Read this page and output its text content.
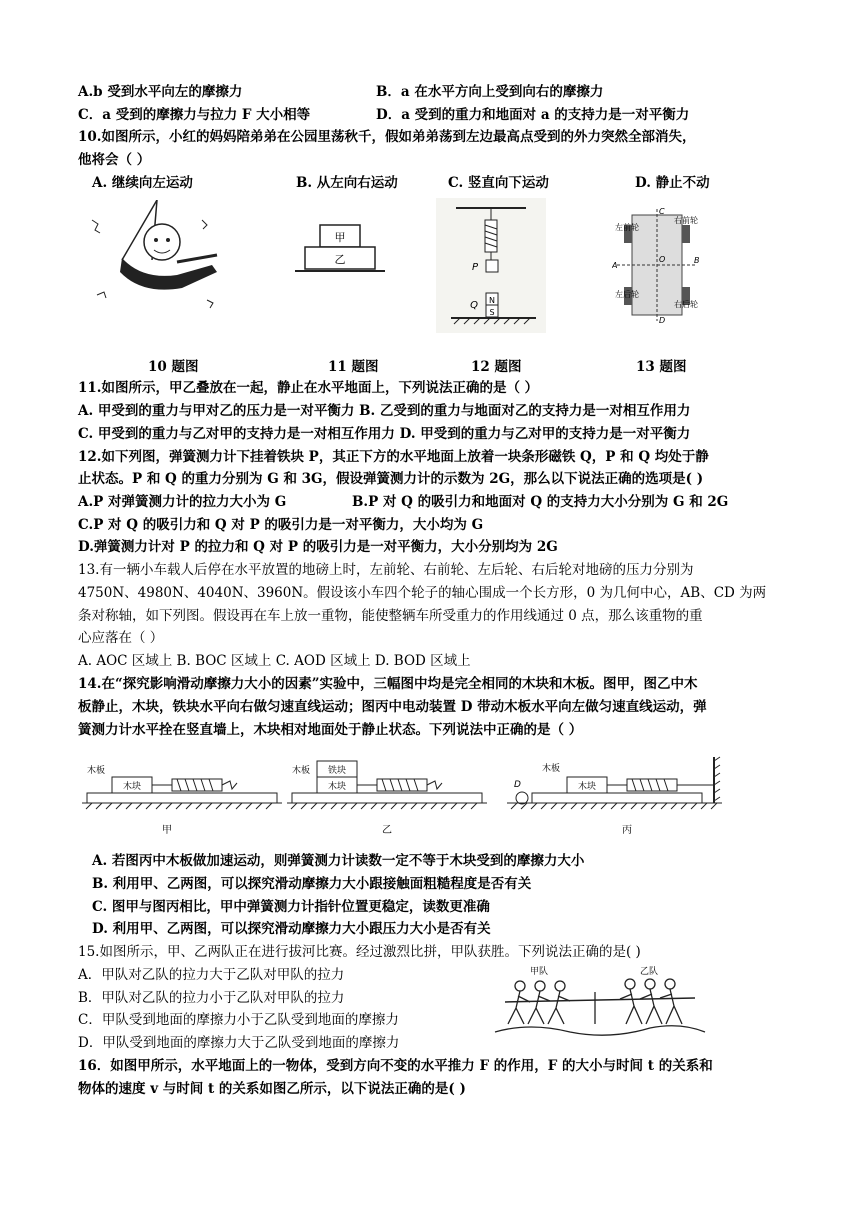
A.b 受到水平向左的摩擦力	B．a 在水平方向上受到向右的摩擦力
C．a 受到的摩擦力与拉力 F 大小相等	D．a 受到的重力和地面对 a 的支持力是一对平衡力
10.如图所示，小红的妈妈陪弟弟在公园里荡秋千，假如弟弟荡到左边最高点受到的外力突然全部消失，
他将会（ ）
A. 继续向左运动	B. 从左向右运动	C. 竖直向下运动	D. 静止不动
甲
乙
P
N
S
Q
左前轮
右前轮
左后轮
右后轮
A
B
C
D
O
10 题图	11 题图	12 题图	13 题图
11.如图所示，甲乙叠放在一起，静止在水平地面上，下列说法正确的是（ ）
A. 甲受到的重力与甲对乙的压力是一对平衡力 B. 乙受到的重力与地面对乙的支持力是一对相互作用力
C. 甲受到的重力与乙对甲的支持力是一对相互作用力 D. 甲受到的重力与乙对甲的支持力是一对平衡力
12.如下列图，弹簧测力计下挂着铁块 P，其正下方的水平地面上放着一块条形磁铁 Q，P 和 Q 均处于静
止状态。P 和 Q 的重力分别为 G 和 3G，假设弹簧测力计的示数为 2G，那么以下说法正确的选项是( )
A.P 对弹簧测力计的拉力大小为 G	B.P 对 Q 的吸引力和地面对 Q 的支持力大小分别为 G 和 2G
C.P 对 Q 的吸引力和 Q 对 P 的吸引力是一对平衡力，大小均为 G
D.弹簧测力计对 P 的拉力和 Q 对 P 的吸引力是一对平衡力，大小分别均为 2G
13.有一辆小车载人后停在水平放置的地磅上时，左前轮、右前轮、左后轮、右后轮对地磅的压力分别为
4750N、4980N、4040N、3960N。假设该小车四个轮子的轴心围成一个长方形，0 为几何中心，AB、CD 为两
条对称轴，如下列图。假设再在车上放一重物，能使整辆车所受重力的作用线通过 0 点，那么该重物的重
心应落在（ ）
A. AOC 区域上 B. BOC 区域上 C. AOD 区域上 D. BOD 区域上
14.在“探究影响滑动摩擦力大小的因素”实验中，三幅图中均是完全相同的木块和木板。图甲，图乙中木
板静止，木块，铁块水平向右做匀速直线运动；图丙中电动装置 D 带动木板水平向左做匀速直线运动，弹
簧测力计水平拴在竖直墙上，木块相对地面处于静止状态。下列说法中正确的是（ ）
木板
木块
甲
木板 铁块
木块
乙
D
木板
木块
丙
A. 若图丙中木板做加速运动，则弹簧测力计读数一定不等于木块受到的摩擦力大小
B. 利用甲、乙两图，可以探究滑动摩擦力大小跟接触面粗糙程度是否有关
C. 图甲与图丙相比，甲中弹簧测力计指针位置更稳定，读数更准确
D. 利用甲、乙两图，可以探究滑动摩擦力大小跟压力大小是否有关
15.如图所示，甲、乙两队正在进行拔河比赛。经过激烈比拼，甲队获胜。下列说法正确的是( )
A．甲队对乙队的拉力大于乙队对甲队的拉力
B．甲队对乙队的拉力小于乙队对甲队的拉力
C．甲队受到地面的摩擦力小于乙队受到地面的摩擦力
D．甲队受到地面的摩擦力大于乙队受到地面的摩擦力
甲队	乙队
16．如图甲所示，水平地面上的一物体，受到方向不变的水平推力 F 的作用，F 的大小与时间 t 的关系和
物体的速度 v 与时间 t 的关系如图乙所示，以下说法正确的是( )
